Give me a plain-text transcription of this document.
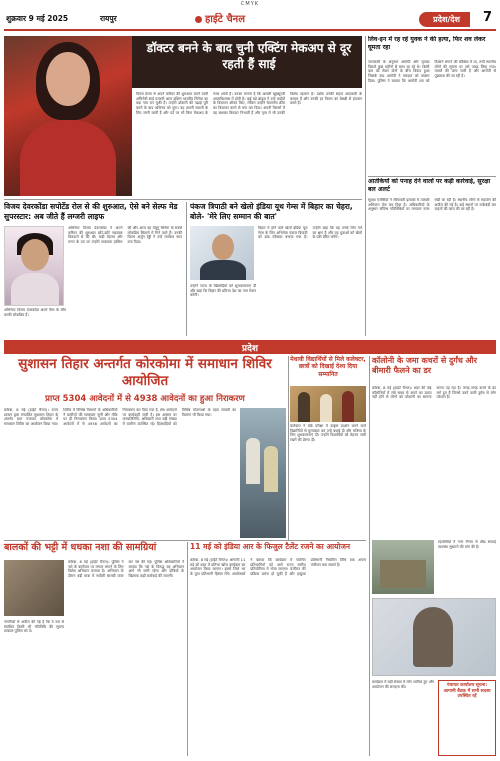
CMYK
शुक्रवार 9 मई 2025	रायपुर	हाईटे चैनल	प्रदेश/देश	7
डॉक्टर बनने के बाद चुनी एक्टिंग मेकअप से दूर रहती हैं साई
फिल्म प्रेमम से अपने करियर की शुरुआत करने वाली अभिनेत्री साई पल्लवी आज दक्षिण भारतीय सिनेमा का बड़ा नाम बन चुकी हैं। उन्होंने डॉक्टरी की पढ़ाई पूरी करने के बाद अभिनय को चुना। वह अपनी सादगी के लिए जानी जाती हैं और पर्दे पर भी बिना मेकअप के नजर आती हैं। उनका मानना है कि असली खूबसूरती आत्मविश्वास में होती है। कई बड़े ब्रांड्स ने उन्हें करोड़ों के विज्ञापन ऑफर किए, लेकिन उन्होंने फेयरनेस क्रीम का विज्ञापन करने से मना कर दिया। अपनी फिल्मों में वह सशक्त किरदार निभाती हैं और नृत्य में भी उनकी विशेष पहचान है। दर्शक उनकी सहज अदाकारी के कायल हैं और उनकी हर फिल्म का बेसब्री से इंतजार करते हैं।
लिव-इन में रह रहे युवक ने की हत्या, फिर शव लेकर घूमता रहा
जानकारी के अनुसार आरोपी और मृतका पिछले कुछ महीनों से साथ रह रहे थे। किसी बात को लेकर दोनों के बीच विवाद हुआ जिसके बाद आरोपी ने वारदात को अंजाम दिया। पुलिस ने बताया कि आरोपी शव को ठिकाने लगाने की कोशिश में था, तभी स्थानीय लोगों की सूचना पर उसे पकड़ लिया गया। मामले की जांच जारी है और आरोपी से पूछताछ की जा रही है।
आतंकियों को पनाह देने वालों पर कड़ी कार्रवाई, सुरक्षा बल अलर्ट
सुरक्षा एजेंसियों ने सीमावर्ती इलाकों में तलाशी अभियान तेज कर दिया है। अधिकारियों के अनुसार संदिग्ध गतिविधियों पर लगातार नजर रखी जा रही है। स्थानीय लोगों से सहयोग की अपील की गई है। कई स्थानों पर नाकेबंदी कर वाहनों की जांच की जा रही है।
विजय देवरकोंडा सपोर्टेड रोल से की शुरुआत, ऐसे बने सेल्फ मेड सुपरस्टार: अब जीते हैं लग्जरी लाइफ
अभिनेता विजय देवरकोंडा ने अपने करियर की शुरुआत छोटे-छोटे सहायक किरदारों से की थी। कड़ी मेहनत और लगन के दम पर उन्होंने सफलता हासिल की और आज वह तेलुगु सिनेमा के सबसे लोकप्रिय सितारों में गिने जाते हैं। उनकी फिल्म अर्जुन रेड्डी ने उन्हें रातोंरात स्टार बना दिया।
अभिनेता विजय देवरकोंडा अपने फैंस के बीच काफी लोकप्रिय हैं।
पंकज त्रिपाठी बने खेलो इंडिया यूथ गेम्स में बिहार का चेहरा, बोले- 'मेरे लिए सम्मान की बात'
बिहार में होने वाले खेलो इंडिया यूथ गेम्स के लिए अभिनेता पंकज त्रिपाठी को ब्रांड एंबेसडर बनाया गया है। उन्होंने कहा कि यह उनके लिए गर्व का क्षण है और वह युवाओं को खेलों के प्रति प्रेरित करेंगे।
उन्होंने राज्य के खिलाड़ियों को शुभकामनाएं दीं और कहा कि बिहार की प्रतिभा देश का नाम रोशन करेगी।
प्रदेश
सुशासन तिहार अन्तर्गत कोरकोमा में समाधान शिविर आयोजित
प्राप्त 5304 आवेदनों में से 4938 आवेदनों का हुआ निराकरण
कोरबा, 8 मई (हाईटे चैनल)। राज्य शासन द्वारा संचालित सुशासन तिहार के अंतर्गत ग्राम पंचायत कोरकोमा में समाधान शिविर का आयोजन किया गया। शिविर में विभिन्न विभागों के अधिकारियों ने ग्रामीणों की समस्याएं सुनीं और मौके पर ही निराकरण किया। प्राप्त 5304 आवेदनों में से 4938 आवेदनों का निराकरण कर दिया गया है, शेष आवेदनों पर कार्यवाही जारी है। इस अवसर पर जनप्रतिनिधि, अधिकारी तथा बड़ी संख्या में ग्रामीण उपस्थित रहे। हितग्राहियों को विभिन्न योजनाओं के तहत सामग्री का वितरण भी किया गया।
मेधावी विद्यार्थियों से मिले कलेक्टर, छात्रों को दिखाई देश्य दिया सम्मानित
कलेक्टर ने बोर्ड परीक्षा में उत्कृष्ट प्रदर्शन करने वाले विद्यार्थियों से मुलाकात कर उन्हें बधाई दी और भविष्य के लिए शुभकामनाएं दीं। उन्होंने विद्यार्थियों को मेहनत जारी रखने की प्रेरणा दी।
कॉलोनी के जमा कचरों से दुर्गंध और बीमारी फैलने का डर
कोरबा, 8 मई (हाईटे चैनल)। शहर की कई कॉलोनियों में लंबे समय से कचरे का उठाव नहीं होने से लोगों को परेशानी का सामना करना पड़ रहा है। जगह-जगह कचरे के ढेर लगे हुए हैं जिनसे उठने वाली दुर्गंध से लोग परेशान हैं।
रहवासियों ने नगर निगम से शीघ्र सफाई व्यवस्था सुधारने की मांग की है।
बालकों की भट्टी में धधका नशा की सामग्रियां
कोरबा, 8 मई (हाईटे चैनल)। पुलिस ने नशे के कारोबार पर लगाम लगाने के लिए विशेष अभियान चलाया है। अभियान के दौरान बड़ी मात्रा में नशीली सामग्री जब्त कर नष्ट की गई। पुलिस अधिकारियों ने बताया कि नशे के विरुद्ध यह अभियान आगे भी जारी रहेगा और दोषियों के खिलाफ कड़ी कार्रवाई की जाएगी।
नागरिकों से अपील की गई है कि वे नशे से संबंधित किसी भी गतिविधि की सूचना तत्काल पुलिस को दें।
11 मई को इंडिया आर के फिजुल टैलेंट रजने का आयोजन
कोरबा, 8 मई (हाईटे चैनल)। आगामी 11 मई को शहर में प्रतिभा खोज कार्यक्रम का आयोजन किया जाएगा। इसमें जिले भर के युवा प्रतिभागी हिस्सा लेंगे। आयोजकों ने बताया कि कार्यक्रम में चयनित प्रतिभागियों को आगे राज्य स्तरीय प्रतियोगिता में भेजा जाएगा। पंजीयन की प्रक्रिया प्रारंभ हो चुकी है और इच्छुक प्रतिभागी निर्धारित तिथि तक अपना पंजीयन करा सकते हैं।
कार्यक्रम में बड़ी संख्या में लोग शामिल हुए और आयोजन की सराहना की।	पंचायत कार्यालय सूचना: आगामी बैठक में सभी सदस्य उपस्थित रहें
